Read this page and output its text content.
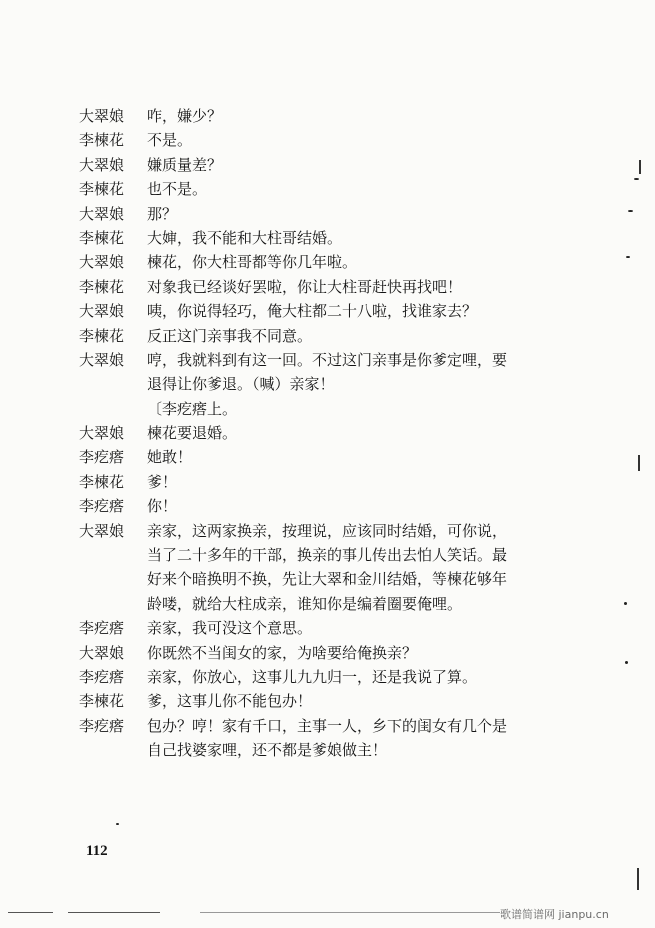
大翠娘	咋，嫌少？
李楝花	不是。
大翠娘	嫌质量差？
李楝花	也不是。
大翠娘	那？
李楝花	大婶，我不能和大柱哥结婚。
大翠娘	楝花，你大柱哥都等你几年啦。
李楝花	对象我已经谈好罢啦，你让大柱哥赶快再找吧！
大翠娘	咦，你说得轻巧，俺大柱都二十八啦，找谁家去？
李楝花	反正这门亲事我不同意。
大翠娘	哼，我就料到有这一回。不过这门亲事是你爹定哩，要
退得让你爹退。（喊）亲家！
〔李疙瘩上。
大翠娘	楝花要退婚。
李疙瘩	她敢！
李楝花	爹！
李疙瘩	你！
大翠娘	亲家，这两家换亲，按理说，应该同时结婚，可你说，
当了二十多年的干部，换亲的事儿传出去怕人笑话。最
好来个暗换明不换，先让大翠和金川结婚，等楝花够年
龄喽，就给大柱成亲，谁知你是编着圈要俺哩。
李疙瘩	亲家，我可没这个意思。
大翠娘	你既然不当闺女的家，为啥要给俺换亲？
李疙瘩	亲家，你放心，这事儿九九归一，还是我说了算。
李楝花	爹，这事儿你不能包办！
李疙瘩	包办？哼！家有千口，主事一人，乡下的闺女有几个是
自己找婆家哩，还不都是爹娘做主！
112
歌谱简谱网 jianpu.cn
